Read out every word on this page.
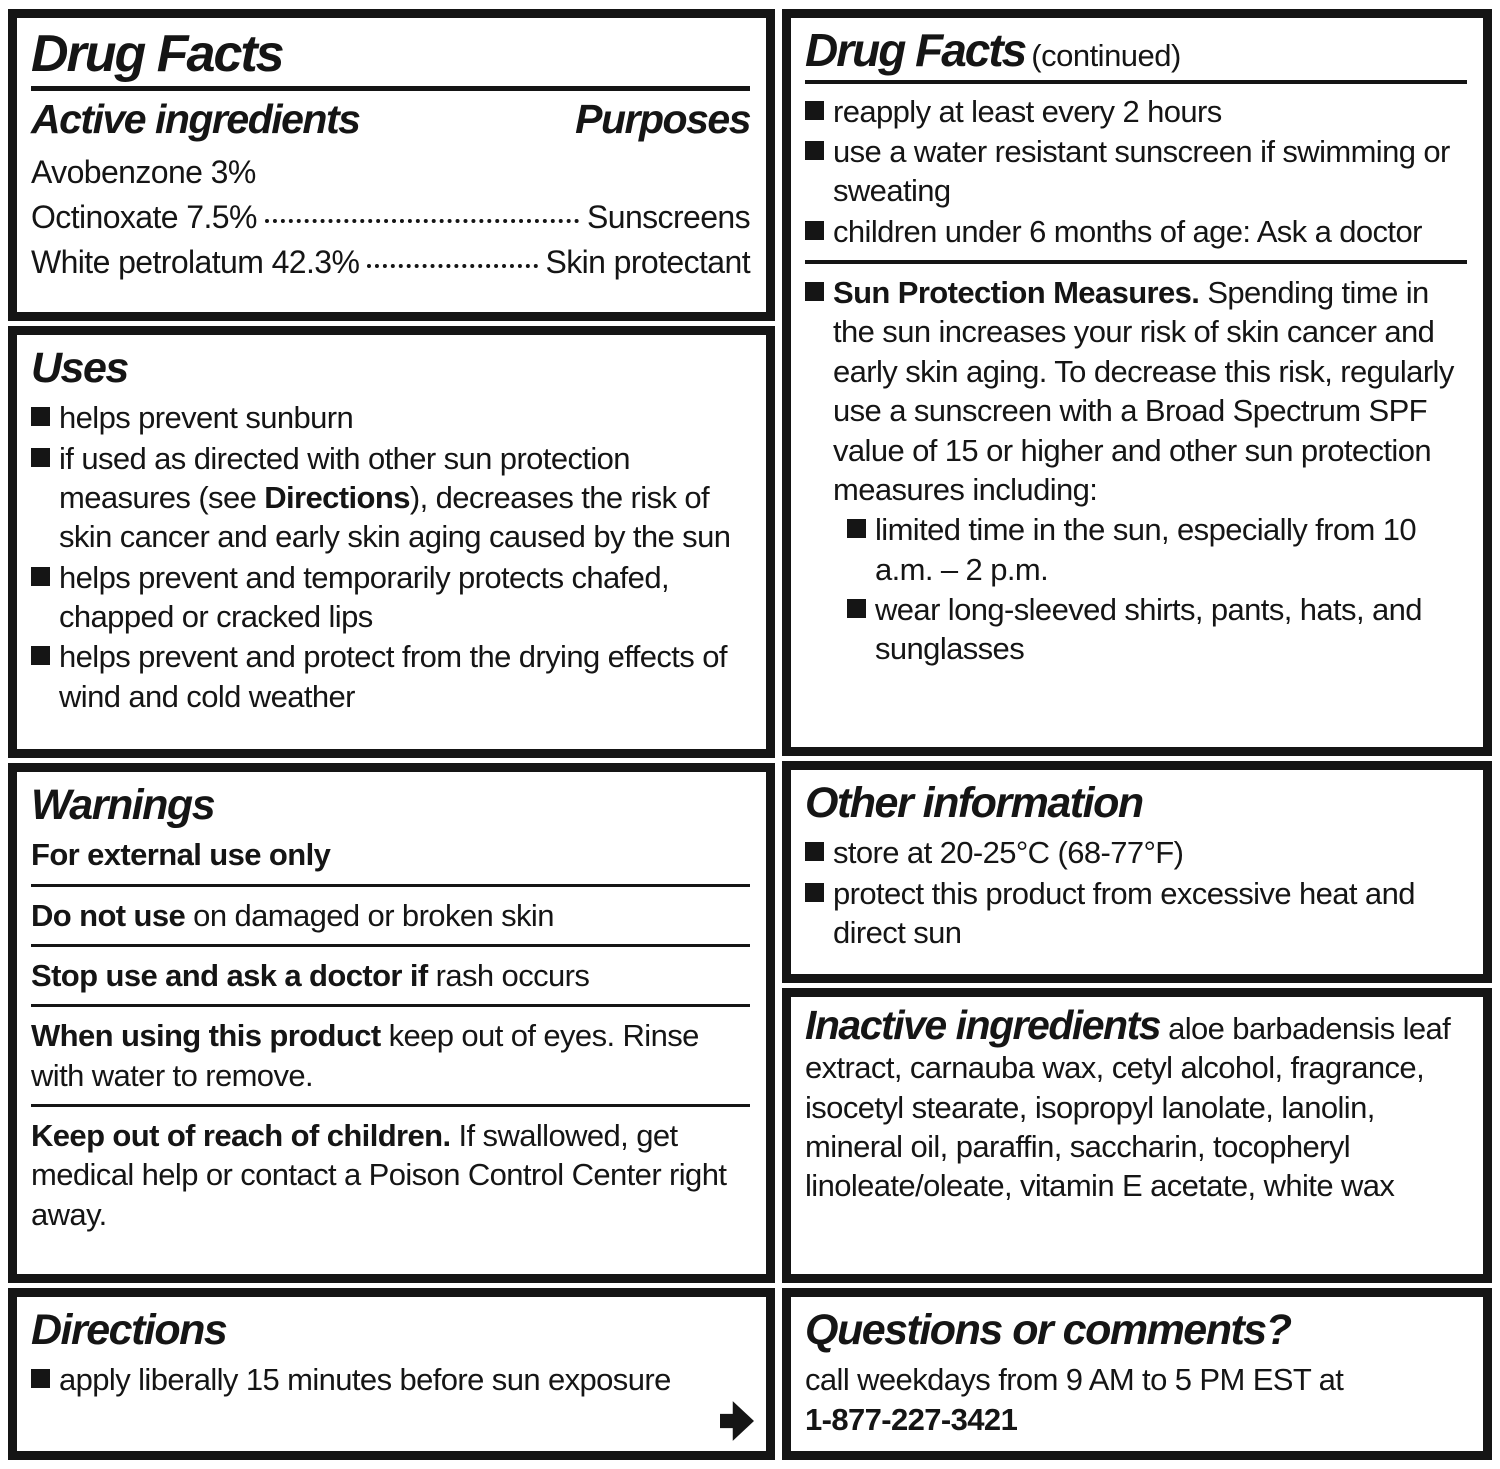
Drug Facts
Active ingredients	Purposes
Avobenzone 3%
Octinoxate 7.5%	Sunscreens
White petrolatum 42.3%	Skin protectant
Uses
helps prevent sunburn
if used as directed with other sun protection measures (see Directions), decreases the risk of skin cancer and early skin aging caused by the sun
helps prevent and temporarily protects chafed, chapped or cracked lips
helps prevent and protect from the drying effects of wind and cold weather
Warnings

For external use only

Do not use on damaged or broken skin

Stop use and ask a doctor if rash occurs

When using this product keep out of eyes. Rinse with water to remove.

Keep out of reach of children. If swallowed, get medical help or contact a Poison Control Center right away.

Directions
apply liberally 15 minutes before sun exposure
Drug Facts (continued)
reapply at least every 2 hours
use a water resistant sunscreen if swimming or sweating
children under 6 months of age: Ask a doctor
Sun Protection Measures. Spending time in the sun increases your risk of skin cancer and early skin aging. To decrease this risk, regularly use a sunscreen with a Broad Spectrum SPF value of 15 or higher and other sun protection measures including:
limited time in the sun, especially from 10 a.m. – 2 p.m.
wear long-sleeved shirts, pants, hats, and sunglasses
Other information
store at 20-25°C (68-77°F)
protect this product from excessive heat and direct sun

Inactive ingredients aloe barbadensis leaf extract, carnauba wax, cetyl alcohol, fragrance, isocetyl stearate, isopropyl lanolate, lanolin, mineral oil, paraffin, saccharin, tocopheryl linoleate/oleate, vitamin E acetate, white wax

Questions or comments?

call weekdays from 9 AM to 5 PM EST at

1-877-227-3421
